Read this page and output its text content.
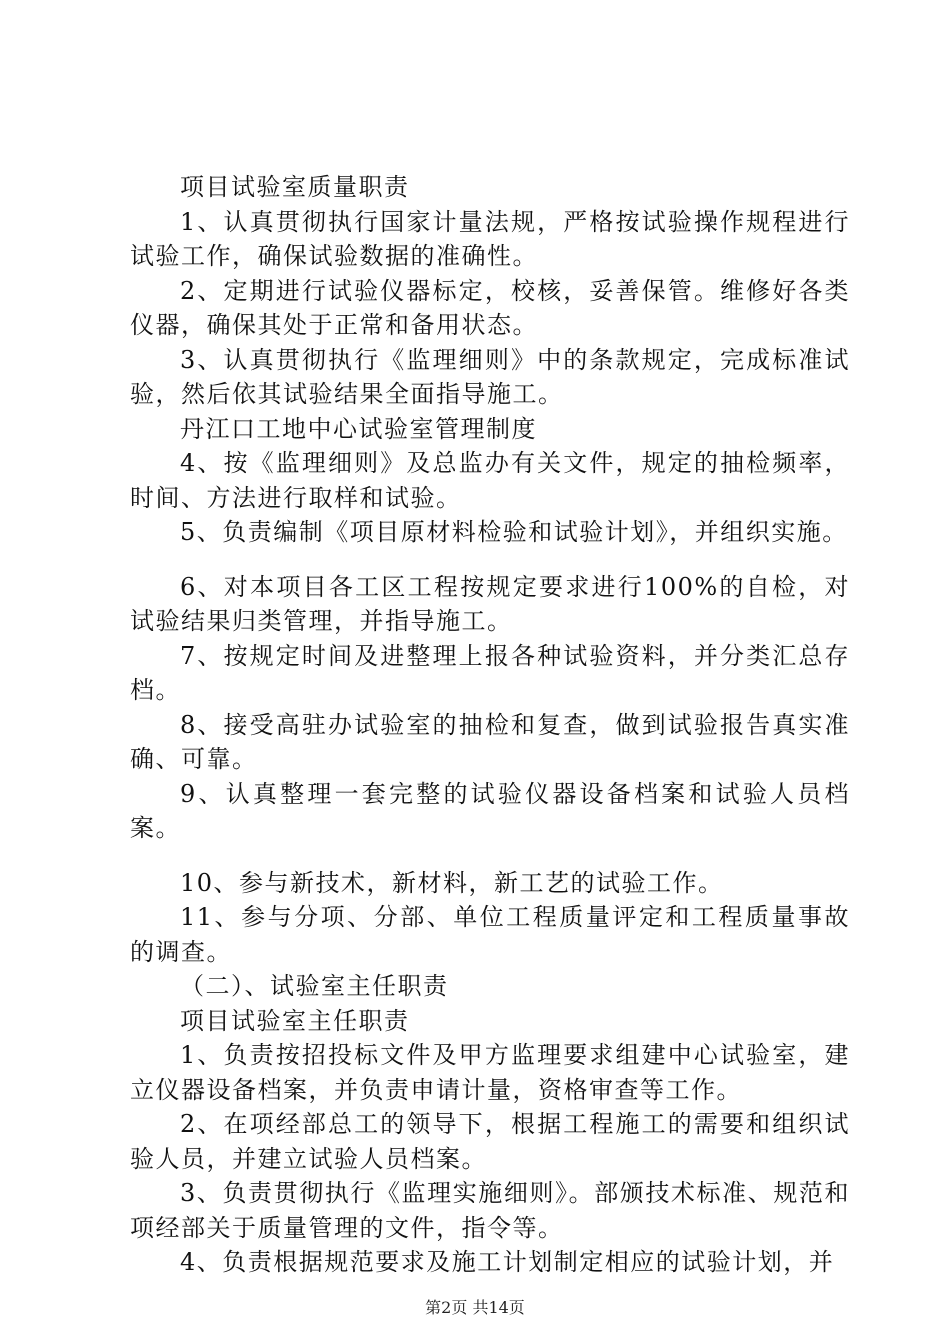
项目试验室质量职责

1、认真贯彻执行国家计量法规，严格按试验操作规程进行试验工作，确保试验数据的准确性。

2、定期进行试验仪器标定，校核，妥善保管。维修好各类仪器，确保其处于正常和备用状态。

3、认真贯彻执行《监理细则》中的条款规定，完成标准试验，然后依其试验结果全面指导施工。

丹江口工地中心试验室管理制度

4、按《监理细则》及总监办有关文件，规定的抽检频率，时间、方法进行取样和试验。

5、负责编制《项目原材料检验和试验计划》，并组织实施。

6、对本项目各工区工程按规定要求进行100%的自检，对试验结果归类管理，并指导施工。

7、按规定时间及进整理上报各种试验资料，并分类汇总存档。

8、接受高驻办试验室的抽检和复查，做到试验报告真实准确、可靠。

9、认真整理一套完整的试验仪器设备档案和试验人员档案。

10、参与新技术，新材料，新工艺的试验工作。

11、参与分项、分部、单位工程质量评定和工程质量事故的调查。

（二）、试验室主任职责

项目试验室主任职责

1、负责按招投标文件及甲方监理要求组建中心试验室，建立仪器设备档案，并负责申请计量，资格审查等工作。

2、在项经部总工的领导下，根据工程施工的需要和组织试验人员，并建立试验人员档案。

3、负责贯彻执行《监理实施细则》。部颁技术标准、规范和项经部关于质量管理的文件，指令等。

4、负责根据规范要求及施工计划制定相应的试验计划，并

第2页 共14页
